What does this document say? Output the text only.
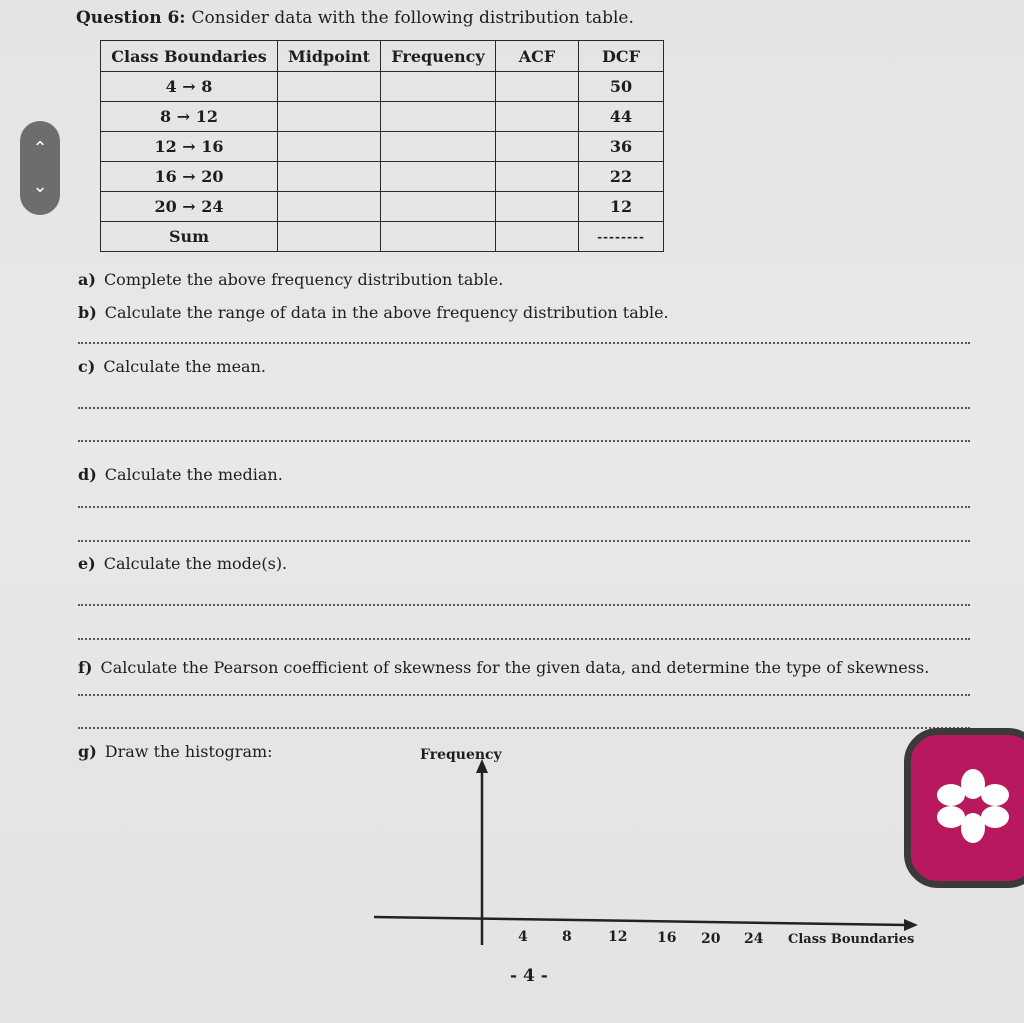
Question 6: Consider data with the following distribution table.
Class Boundaries	Midpoint	Frequency	ACF	DCF
4 → 8				50
8 → 12				44
12 → 16				36
16 → 20				22
20 → 24				12
Sum				--------
a) Complete the above frequency distribution table.
b) Calculate the range of data in the above frequency distribution table.
c) Calculate the mean.
d) Calculate the median.
e) Calculate the mode(s).
f) Calculate the Pearson coefficient of skewness for the given data, and determine the type of skewness.
g) Draw the histogram:	Frequency
4 8	12 16 20 24 Class Boundaries
- 4 -
⌃
⌄
